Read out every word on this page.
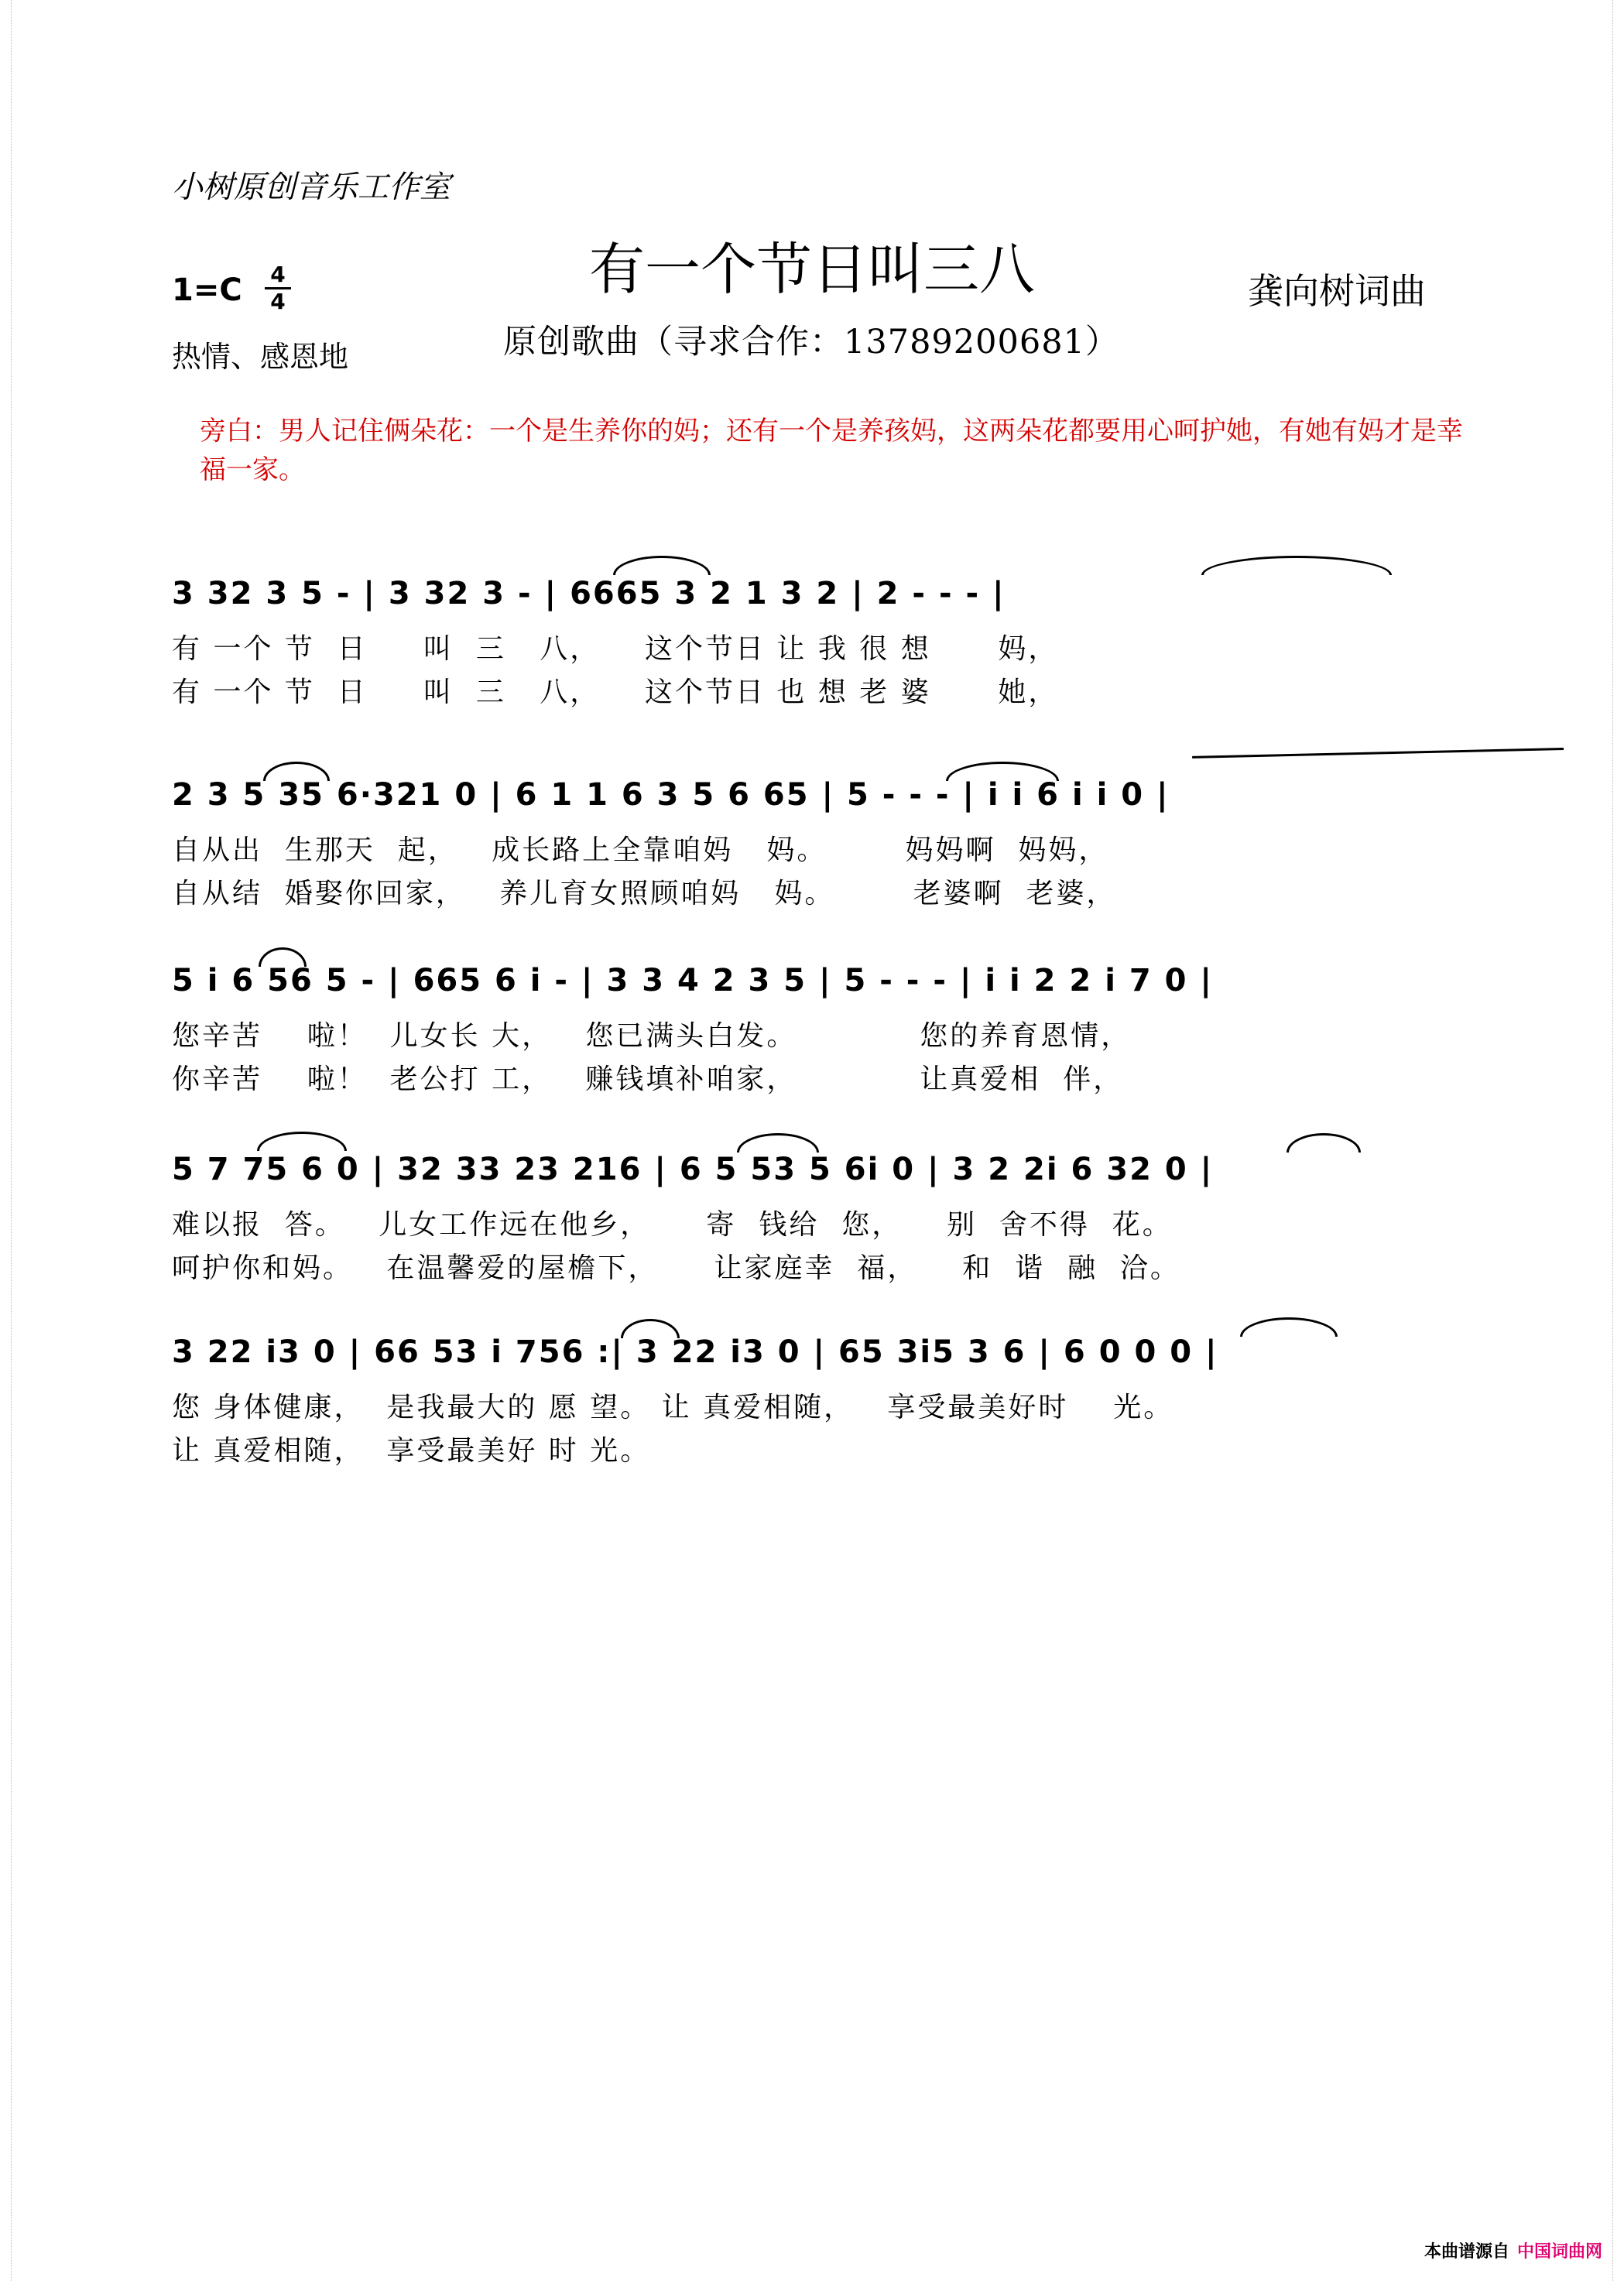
小树原创音乐工作室
有一个节日叫三八	龚向树词曲
1=C 4
4
原创歌曲（寻求合作：13789200681）
热情、感恩地
旁白：男人记住俩朵花：一个是生养你的妈；还有一个是养孩妈，这两朵花都要用心呵护她，有她有妈才是幸福一家。
3 32 3 5 - | 3 32 3 - | 6665 3 2 1 3 2 | 2 - - - |
有 一个 节  日     叫  三   八，    这个节日 让 我 很 想      妈，
有 一个 节  日     叫  三   八，    这个节日 也 想 老 婆      她，
2 3 5 35 6·321 0 | 6 1 1 6 3 5 6 65 | 5 - - - | i i 6 i i 0 |
自从出  生那天  起，   成长路上全靠咱妈   妈。       妈妈啊  妈妈，
自从结  婚娶你回家，   养儿育女照顾咱妈   妈。       老婆啊  老婆，
5 i 6 56 5 - | 665 6 i - | 3 3 4 2 3 5 | 5 - - - | i i 2 2 i 7 0 |
您辛苦    啦！  儿女长 大，   您已满头白发。           您的养育恩情，
你辛苦    啦！  老公打 工，   赚钱填补咱家，           让真爱相  伴，
5 7 75 6 0 | 32 33 23 216 | 6 5 53 5 6i 0 | 3 2 2i 6 32 0 |
难以报  答。   儿女工作远在他乡，     寄  钱给  您，    别  舍不得  花。
呵护你和妈。   在温馨爱的屋檐下，     让家庭幸  福，    和  谐  融  洽。
3 22 i3 0 | 66 53 i 756 :| 3 22 i3 0 | 65 3i5 3 6 | 6 0 0 0 |
您 身体健康，  是我最大的 愿 望。 让 真爱相随，   享受最美好时    光。
让 真爱相随，  享受最美好 时 光。
本曲谱源自 中国词曲网
